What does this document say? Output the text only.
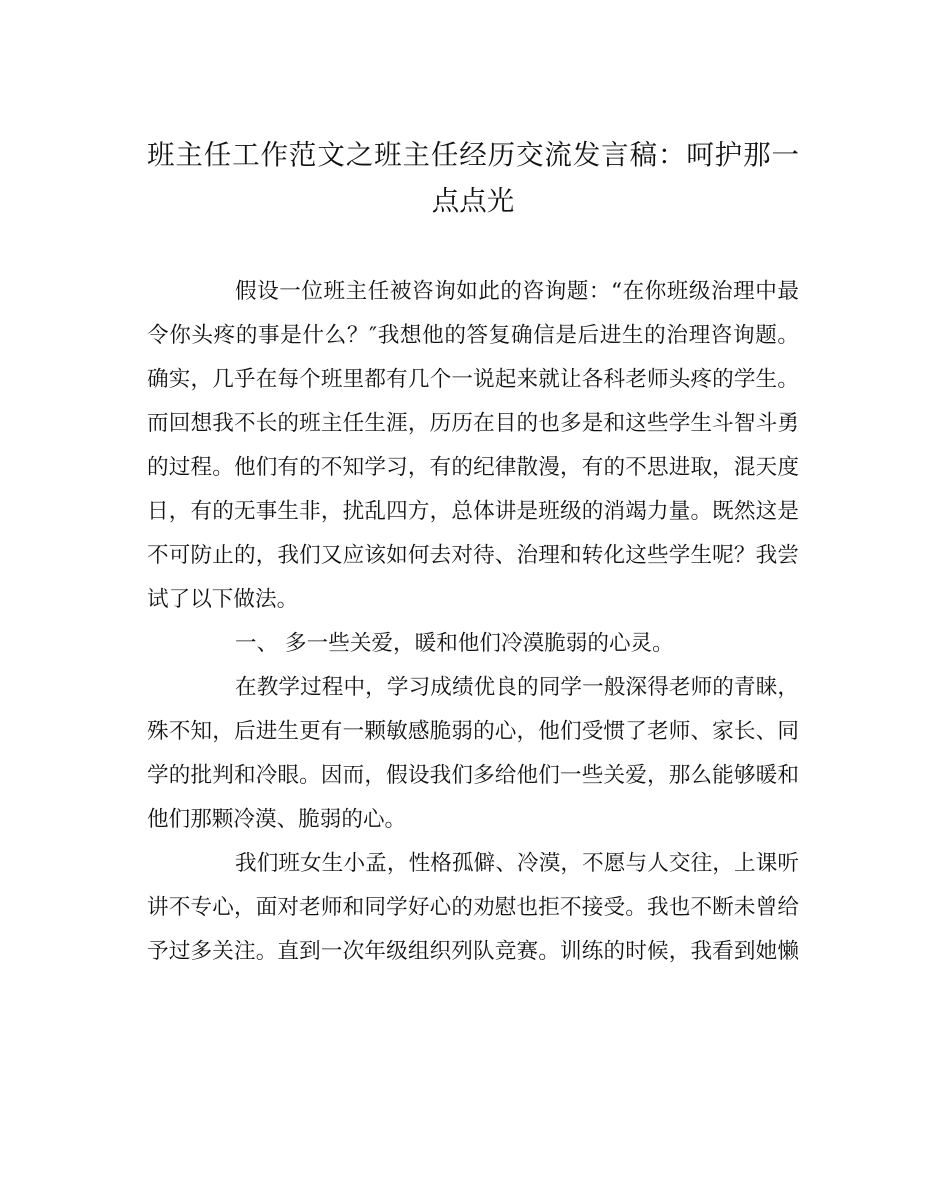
班主任工作范文之班主任经历交流发言稿：呵护那一
点点光
假设一位班主任被咨询如此的咨询题：“在你班级治理中最
令你头疼的事是什么？″我想他的答复确信是后进生的治理咨询题。
确实，几乎在每个班里都有几个一说起来就让各科老师头疼的学生。
而回想我不长的班主任生涯，历历在目的也多是和这些学生斗智斗勇
的过程。他们有的不知学习，有的纪律散漫，有的不思进取，混天度
日，有的无事生非，扰乱四方，总体讲是班级的消竭力量。既然这是
不可防止的，我们又应该如何去对待、治理和转化这些学生呢？我尝
试了以下做法。
一、 多一些关爱，暖和他们冷漠脆弱的心灵。
在教学过程中，学习成绩优良的同学一般深得老师的青睐，
殊不知，后进生更有一颗敏感脆弱的心，他们受惯了老师、家长、同
学的批判和冷眼。因而，假设我们多给他们一些关爱，那么能够暖和
他们那颗冷漠、脆弱的心。
我们班女生小孟，性格孤僻、冷漠，不愿与人交往，上课听
讲不专心，面对老师和同学好心的劝慰也拒不接受。我也不断未曾给
予过多关注。直到一次年级组织列队竞赛。训练的时候，我看到她懒
